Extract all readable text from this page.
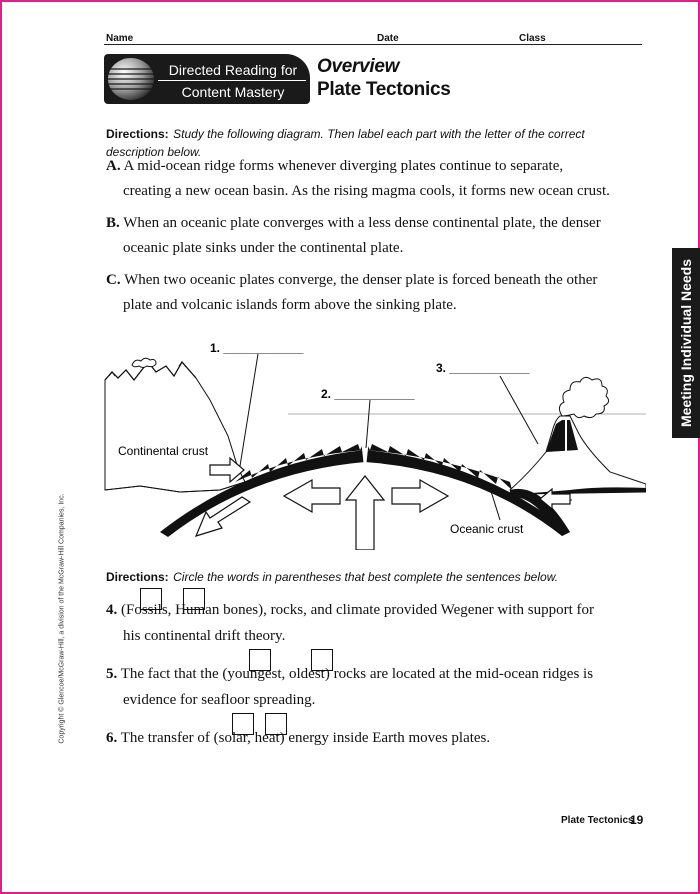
Name	Date	Class
Directed Reading for
Content Mastery
Overview
Plate Tectonics
Directions: Study the following diagram. Then label each part with the letter of the correct description below.
A. A mid-ocean ridge forms whenever diverging plates continue to separate,
creating a new ocean basin. As the rising magma cools, it forms new ocean crust.
B. When an oceanic plate converges with a less dense continental plate, the denser
oceanic plate sinks under the continental plate.
C. When two oceanic plates converge, the denser plate is forced beneath the other
plate and volcanic islands form above the sinking plate.	Meeting Individual Needs
Copyright © Glencoe/McGraw-Hill, a division of the McGraw-Hill Companies, Inc.
1. ____________
2. ____________
3. ____________
Continental crust
Oceanic crust
Directions: Circle the words in parentheses that best complete the sentences below.
4. (Fossils, Human bones), rocks, and climate provided Wegener with support for
his continental drift theory.
5. The fact that the (youngest, oldest) rocks are located at the mid-ocean ridges is
evidence for seafloor spreading.
6. The transfer of (solar, heat) energy inside Earth moves plates.
Plate Tectonics
19
